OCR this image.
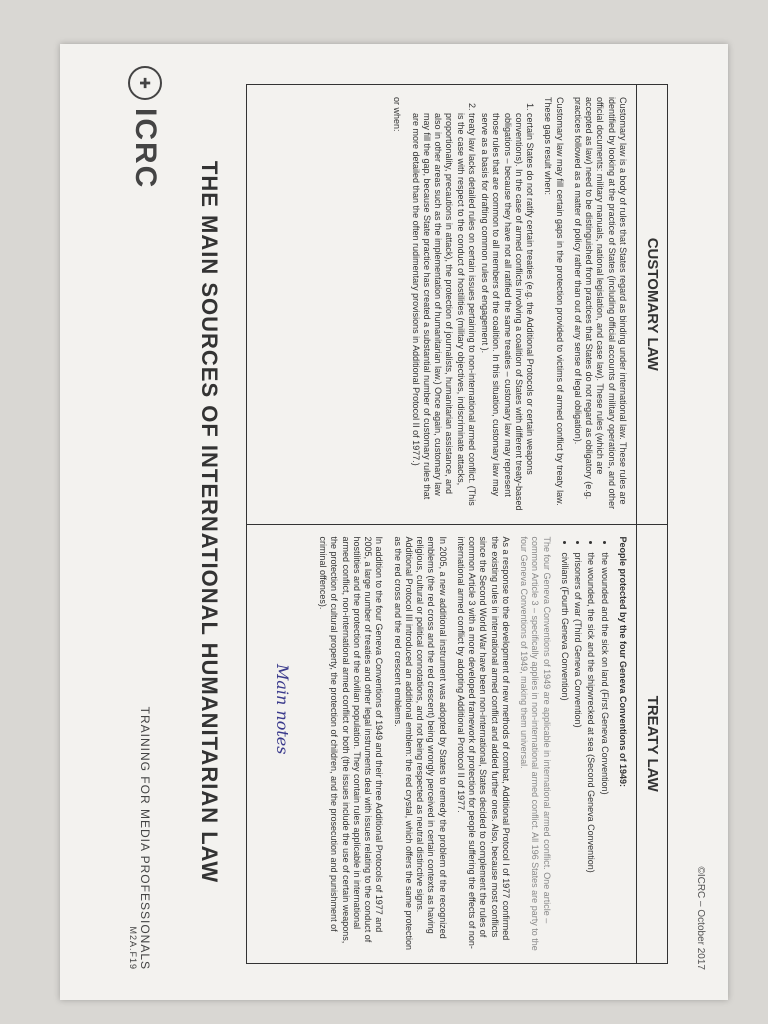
©ICRC – October 2017
CUSTOMARY LAW

Customary law is a body of rules that States regard as binding under international law. These rules are identified by looking at the practice of States (including official accounts of military operations, and other official documents: military manuals, national legislation, and case law). These rules (which are accepted as law) need to be distinguished from practices that States do not regard as obligatory (e.g. practices followed as a matter of policy rather than out of any sense of legal obligation).

Customary law may fill certain gaps in the protection provided to victims of armed conflict by treaty law. These gaps result when:

1. certain States do not ratify certain treaties (e.g. the Additional Protocols or certain weapons conventions). In the case of armed conflicts involving a coalition of States with different treaty-based obligations – because they have not all ratified the same treaties – customary law may represent those rules that are common to all members of the coalition. In this situation, customary law may serve as a basis for drafting common rules of engagement ).
2. treaty law lacks detailed rules on certain issues pertaining to non-international armed conflict. (This is the case with respect to the conduct of hostilities (military objectives, indiscriminate attacks, proportionality, precautions in attack), the protection of journalists, humanitarian assistance, and also in other areas such as the implementation of humanitarian law.) Once again, customary law may fill the gap, because State practice has created a substantial number of customary rules that are more detailed than the often rudimentary provisions in Additional Protocol II of 1977.)

or when:

TREATY LAW

People protected by the four Geneva Conventions of 1949:

• the wounded and the sick on land (First Geneva Convention)
• the wounded, the sick and the shipwrecked at sea (Second Geneva Convention)
• prisoners of war (Third Geneva Convention)
• civilians (Fourth Geneva Convention)

The four Geneva Conventions of 1949 are applicable in international armed conflict. One article – common Article 3 – specifically applies in non-international armed conflict. All 196 States are party to the four Geneva Conventions of 1949, making them universal.

As a response to the development of new methods of combat, Additional Protocol I of 1977 confirmed the existing rules in international armed conflict and added further ones. Also, because most conflicts since the Second World War have been non-international, States decided to complement the rules of common Article 3 with a more developed framework of protection for people suffering the effects of non-international armed conflict by adopting Additional Protocol II of 1977.

In 2005, a new additional instrument was adopted by States to remedy the problem of the recognized emblems (the red cross and the red crescent) being wrongly perceived in certain contexts as having religious, cultural or political connotations, and not being respected as neutral distinctive signs. Additional Protocol III introduced an additional emblem: the red crystal, which offers the same protection as the red cross and the red crescent emblems.

In addition to the four Geneva Conventions of 1949 and their three Additional Protocols of 1977 and 2005, a large number of treaties and other legal instruments deal with issues relating to the conduct of hostilities and the protection of the civilian population. They contain rules applicable in international armed conflict, non-international armed conflict or both (the issues include the use of certain weapons, the protection of cultural property, the protection of children, and the prosecution and punishment of criminal offences).

Main notes
THE MAIN SOURCES OF INTERNATIONAL HUMANITARIAN LAW
TRAINING FOR MEDIA PROFESSIONALS
M2A.F19
✚
ICRC
